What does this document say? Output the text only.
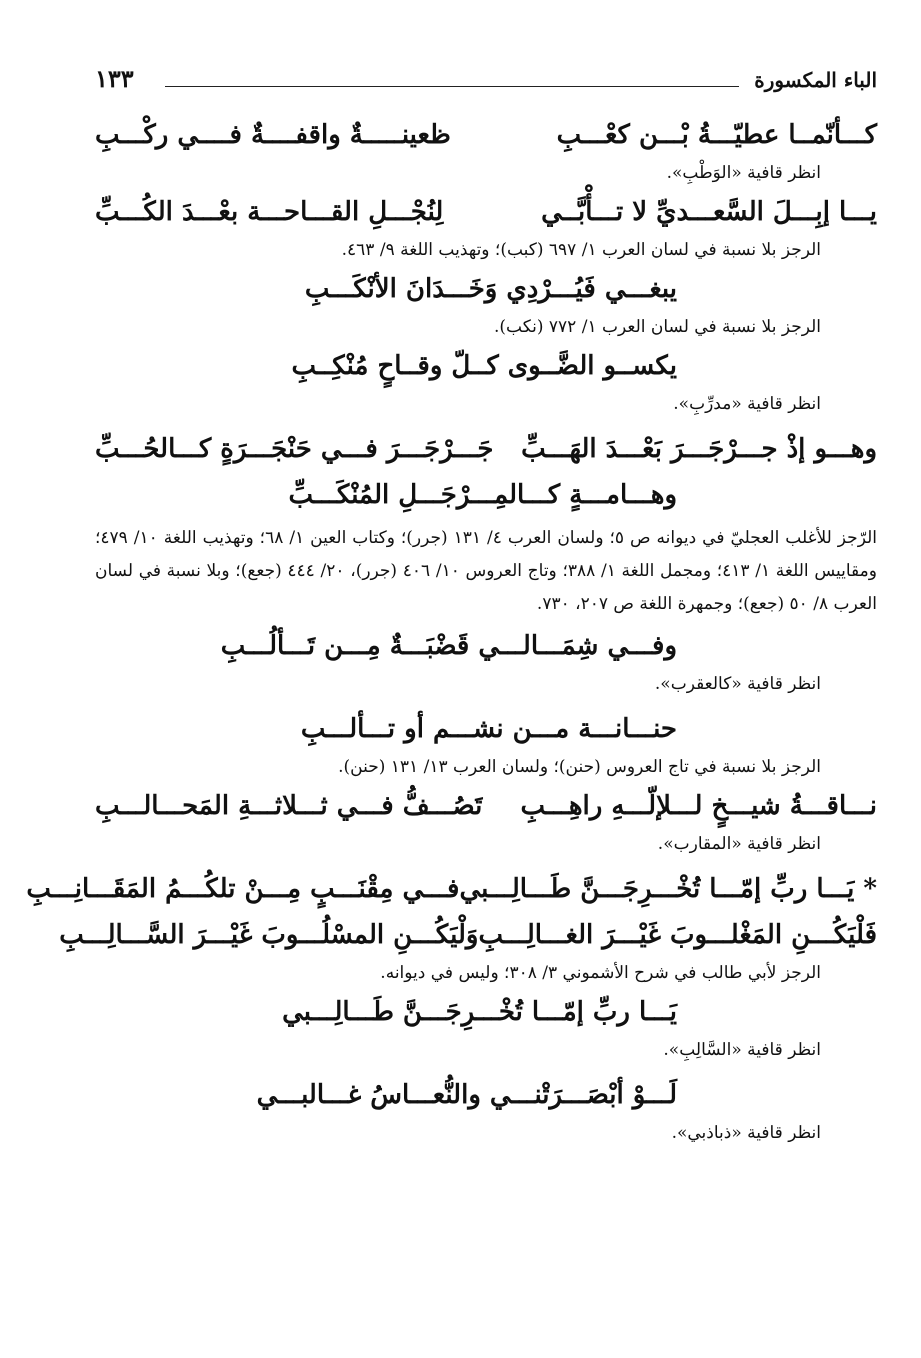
الباء المكسورة
١٣٣
كـــأنّمــا عطيّـــةُ بْـــن كعْـــبِ
ظعينـــــةٌ واقفــــةٌ فــــي ركْـــبِ
انظر قافية «الوَطْبِ».
يـــا إبِـــلَ السَّعـــديِّ لا تـــأْبَّــي
لِنُجْـــلِ القـــاحـــة بعْـــدَ الكُـــبِّ
الرجز بلا نسبة في لسان العرب ١/ ٦٩٧ (كبب)؛ وتهذيب اللغة ٩/ ٤٦٣.
يبغـــي فَيُـــرْدِي وَخَـــدَانَ الأنْكَـــبِ
الرجز بلا نسبة في لسان العرب ١/ ٧٧٢ (نكب).
يكســو الضَّــوى كــلّ وقــاحٍ مُنْكِــبِ
انظر قافية «مدرِّبِ».
وهـــو إذْ جـــرْجَـــرَ بَعْـــدَ الهَـــبِّ
جَـــرْجَـــرَ فـــي حَنْجَـــرَةٍ كـــالحُـــبِّ
وهـــامـــةٍ كـــالمِـــرْجَـــلِ المُنْكَـــبِّ
الرّجز للأغلب العجليّ في ديوانه ص ٥؛ ولسان العرب ٤/ ١٣١ (جرر)؛ وكتاب العين ١/ ٦٨؛ وتهذيب اللغة ١٠/ ٤٧٩؛ ومقاييس اللغة ١/ ٤١٣؛ ومجمل اللغة ١/ ٣٨٨؛ وتاج العروس ١٠/ ٤٠٦ (جرر)، ٢٠/ ٤٤٤ (جعع)؛ وبلا نسبة في لسان العرب ٨/ ٥٠ (جعع)؛ وجمهرة اللغة ص ٢٠٧، ٧٣٠.
وفـــي شِمَـــالـــي قَضْبَـــةٌ مِـــن تَـــألُـــبِ
انظر قافية «كالعقرب».
حنـــانـــة مـــن نشـــم أو تـــألـــبِ
الرجز بلا نسبة في تاج العروس (حنن)؛ ولسان العرب ١٣/ ١٣١ (حنن).
نـــاقـــةُ شيـــخٍ لـــلإلّـــهِ راهِـــبِ
تَصُـــفُّ فـــي ثـــلاثـــةِ المَحـــالـــبِ
انظر قافية «المقارب».
* يَـــا ربِّ إمّـــا تُخْـــرِجَـــنَّ طَـــالِـــبي
فـــي مِقْنَـــبٍ مِـــنْ تلكُـــمُ المَقَـــانِـــبِ
فَلْيَكُـــنِ المَغْلـــوبَ غَيْـــرَ الغـــالِـــبِ
وَلْيَكُـــنِ المسْلُـــوبَ غَيْـــرَ السَّـــالِـــبِ
الرجز لأبي طالب في شرح الأشموني ٣/ ٣٠٨؛ وليس في ديوانه.
يَـــا ربِّ إمّـــا تُخْـــرِجَـــنَّ طَـــالِـــبي
انظر قافية «السَّالِبِ».
لَـــوْ أبْصَـــرَتْنـــي والنُّعـــاسُ غـــالبـــي
انظر قافية «ذباذبي».
